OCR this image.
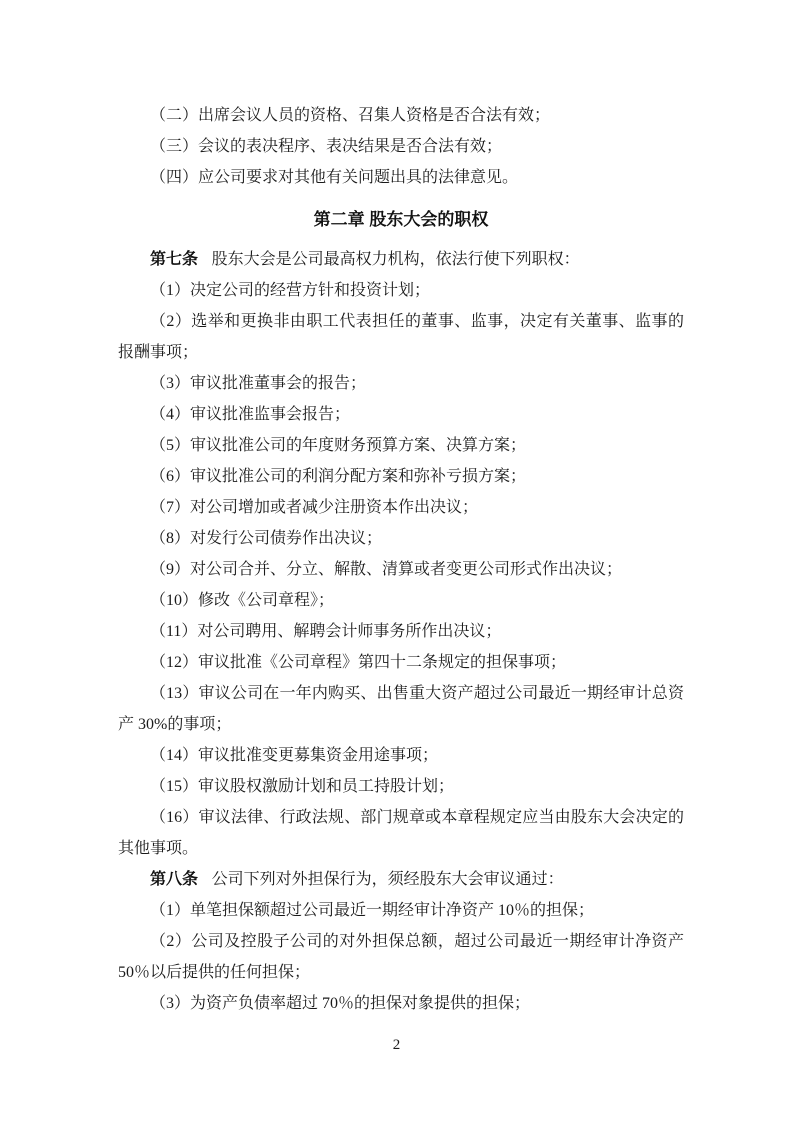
（二）出席会议人员的资格、召集人资格是否合法有效；

（三）会议的表决程序、表决结果是否合法有效；

（四）应公司要求对其他有关问题出具的法律意见。

第二章 股东大会的职权

第七条 股东大会是公司最高权力机构，依法行使下列职权：

（1）决定公司的经营方针和投资计划；

（2）选举和更换非由职工代表担任的董事、监事，决定有关董事、监事的报酬事项；

（3）审议批准董事会的报告；

（4）审议批准监事会报告；

（5）审议批准公司的年度财务预算方案、决算方案；

（6）审议批准公司的利润分配方案和弥补亏损方案；

（7）对公司增加或者减少注册资本作出决议；

（8）对发行公司债券作出决议；

（9）对公司合并、分立、解散、清算或者变更公司形式作出决议；

（10）修改《公司章程》；

（11）对公司聘用、解聘会计师事务所作出决议；

（12）审议批准《公司章程》第四十二条规定的担保事项；

（13）审议公司在一年内购买、出售重大资产超过公司最近一期经审计总资产 30%的事项；

（14）审议批准变更募集资金用途事项；

（15）审议股权激励计划和员工持股计划；

（16）审议法律、行政法规、部门规章或本章程规定应当由股东大会决定的其他事项。

第八条 公司下列对外担保行为，须经股东大会审议通过：

（1）单笔担保额超过公司最近一期经审计净资产 10％的担保；

（2）公司及控股子公司的对外担保总额，超过公司最近一期经审计净资产 50％以后提供的任何担保；

（3）为资产负债率超过 70％的担保对象提供的担保；

2
